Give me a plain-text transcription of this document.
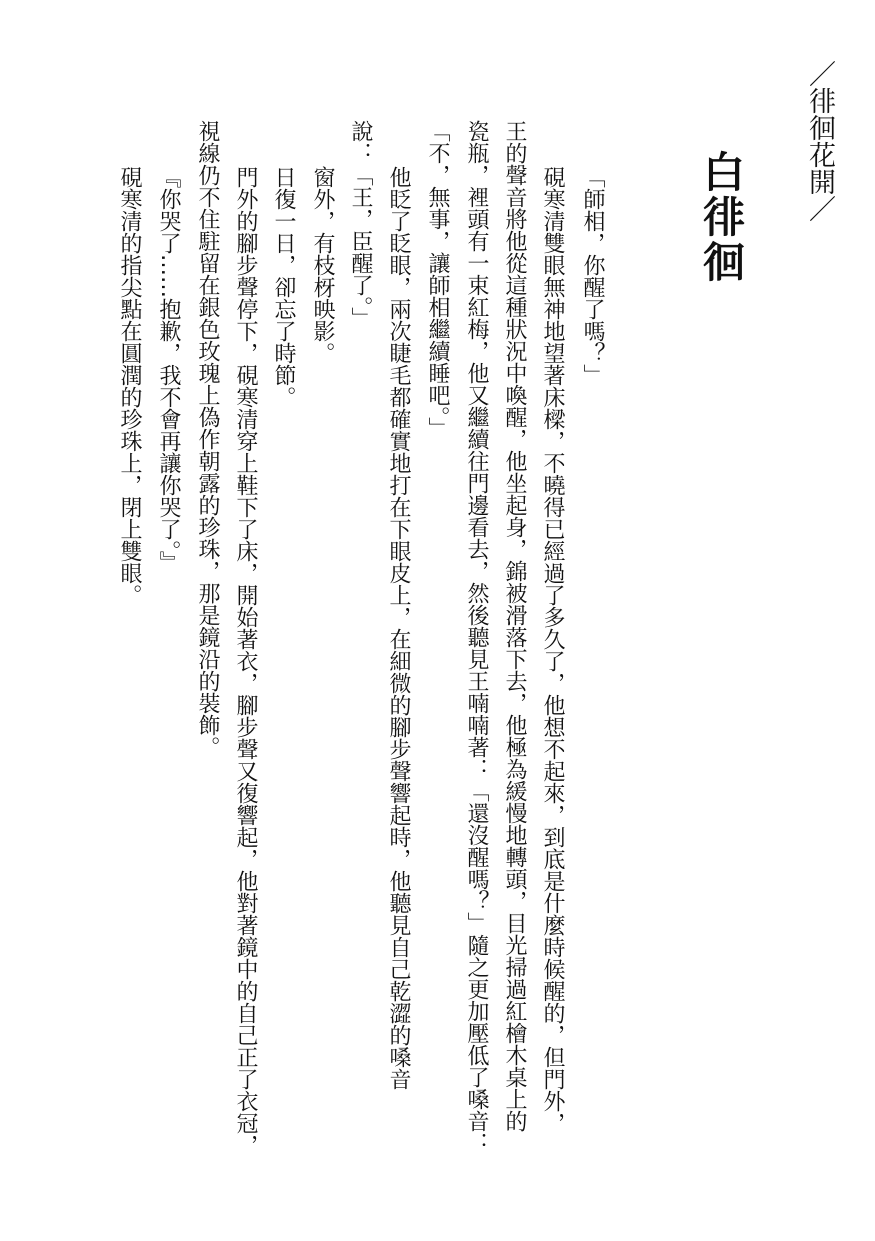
／徘徊花開／
白徘徊
「師相，你醒了嗎？」
硯寒清雙眼無神地望著床樑，不曉得已經過了多久了，他想不起來，到底是什麼時候醒的，但門外，
王的聲音將他從這種狀況中喚醒，他坐起身，錦被滑落下去，他極為緩慢地轉頭，目光掃過紅檜木桌上的
瓷瓶，裡頭有一束紅梅，他又繼續往門邊看去，然後聽見王喃喃著：「還沒醒嗎？」隨之更加壓低了嗓音：
「不，無事，讓師相繼續睡吧。」
他眨了眨眼，兩次睫毛都確實地打在下眼皮上，在細微的腳步聲響起時，他聽見自己乾澀的嗓音
說：「王，臣醒了。」
窗外，有枝枒映影。
日復一日，卻忘了時節。
門外的腳步聲停下，硯寒清穿上鞋下了床，開始著衣，腳步聲又復響起，他對著鏡中的自己正了衣冠，
視線仍不住駐留在銀色玫瑰上偽作朝露的珍珠，那是鏡沿的裝飾。
『你哭了……抱歉，我不會再讓你哭了。』
硯寒清的指尖點在圓潤的珍珠上，閉上雙眼。
